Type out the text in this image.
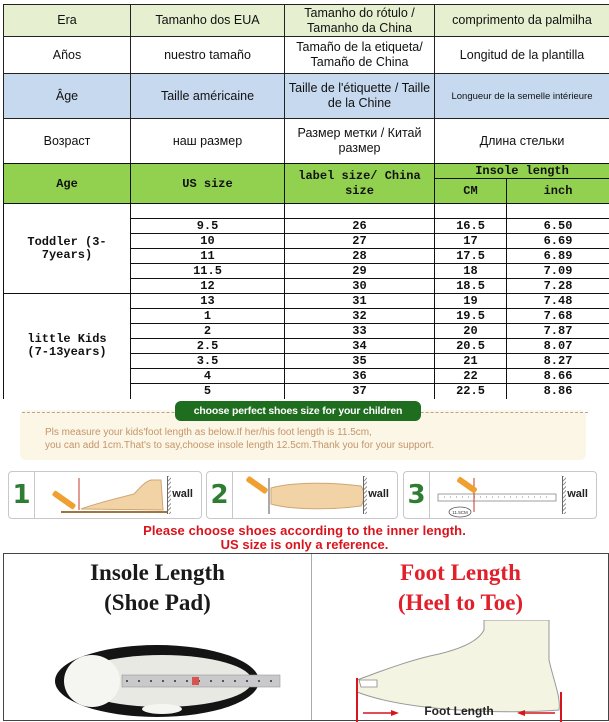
Era	Tamanho dos EUA	Tamanho do rótulo / Tamanho da China	comprimento da palmilha
Años	nuestro tamaño	Tamaño de la etiqueta/ Tamaño de China	Longitud de la plantilla
Âge	Taille américaine	Taille de l'étiquette / Taille de la Chine	Longueur de la semelle intérieure
Возраст	наш размер	Размер метки / Китай размер	Длина стельки
Age	US size	label size/ China size	Insole length	
			CM	inch
Toddler (3-7years)				
	9.5	26	16.5	6.50
	10	27	17	6.69
	11	28	17.5	6.89
	11.5	29	18	7.09
	12	30	18.5	7.28
little Kids (7-13years)	13	31	19	7.48
	1	32	19.5	7.68
	2	33	20	7.87
	2.5	34	20.5	8.07
	3.5	35	21	8.27
	4	36	22	8.66
	5	37	22.5	8.86
choose perfect shoes size for your children
Pls measure your kids'foot length as below.If her/his foot length is 11.5cm,
you can add 1cm.That's to say,choose insole length 12.5cm.Thank you for your support.
1	wall 2	wall 3
11.5CM
wall
Please choose shoes according to the inner length.
US size is only a reference.
Insole Length
(Shoe Pad)
Foot Length
(Heel to Toe)
Foot Length
